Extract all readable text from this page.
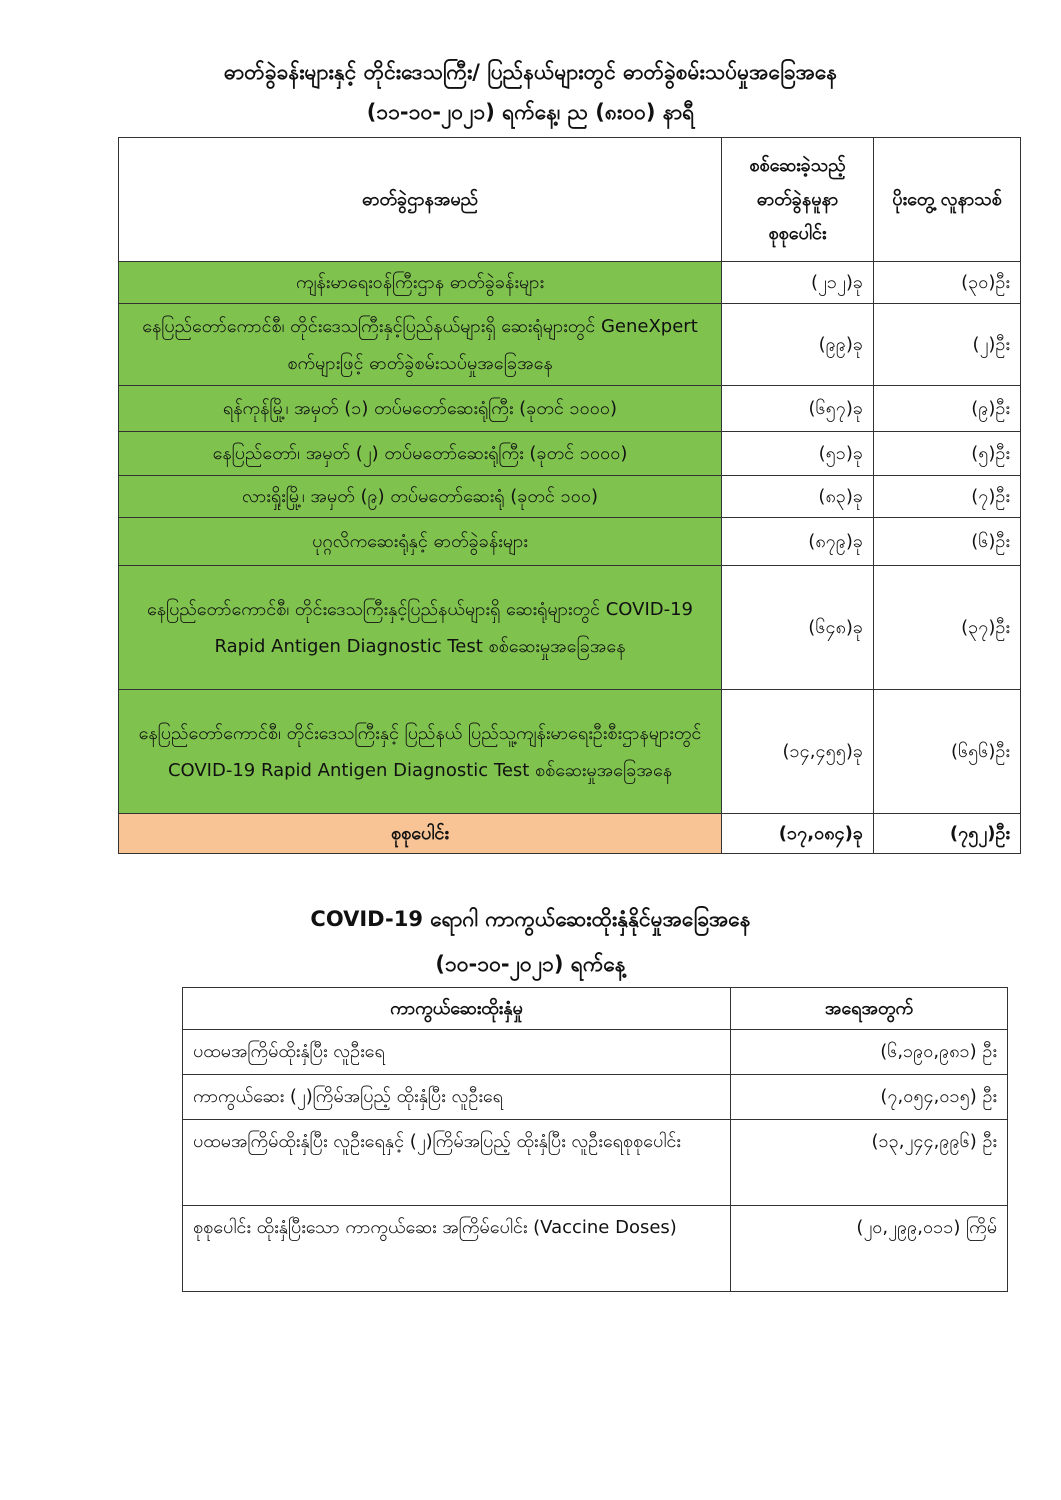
ဓာတ်ခွဲခန်းများနှင့် တိုင်းဒေသကြီး/ ပြည်နယ်များတွင် ဓာတ်ခွဲစမ်းသပ်မှုအခြေအနေ
(၁၁-၁၀-၂၀၂၁) ရက်နေ့၊ ည (၈း၀၀) နာရီ
ဓာတ်ခွဲဌာနအမည်	စစ်ဆေးခဲ့သည့် ဓာတ်ခွဲနမူနာ စုစုပေါင်း	ပိုးတွေ့ လူနာသစ်
ကျန်းမာရေးဝန်ကြီးဌာန ဓာတ်ခွဲခန်းများ	(၂၁၂)ခု	(၃၀)ဦး
နေပြည်တော်ကောင်စီ၊ တိုင်းဒေသကြီးနှင့်ပြည်နယ်များရှိ ဆေးရုံများတွင် GeneXpert စက်များဖြင့် ဓာတ်ခွဲစမ်းသပ်မှုအခြေအနေ	(၉၉)ခု	(၂)ဦး
ရန်ကုန်မြို့၊ အမှတ် (၁) တပ်မတော်ဆေးရုံကြီး (ခုတင် ၁၀၀၀)	(၆၅၇)ခု	(၉)ဦး
နေပြည်တော်၊ အမှတ် (၂) တပ်မတော်ဆေးရုံကြီး (ခုတင် ၁၀၀၀)	(၅၁)ခု	(၅)ဦး
လားရှိုးမြို့၊ အမှတ် (၉) တပ်မတော်ဆေးရုံ (ခုတင် ၁၀၀)	(၈၃)ခု	(၇)ဦး
ပုဂ္ဂလိကဆေးရုံနှင့် ဓာတ်ခွဲခန်းများ	(၈၇၉)ခု	(၆)ဦး
နေပြည်တော်ကောင်စီ၊ တိုင်းဒေသကြီးနှင့်ပြည်နယ်များရှိ ဆေးရုံများတွင် COVID-19 Rapid Antigen Diagnostic Test စစ်ဆေးမှုအခြေအနေ	(၆၄၈)ခု	(၃၇)ဦး
နေပြည်တော်ကောင်စီ၊ တိုင်းဒေသကြီးနှင့် ပြည်နယ် ပြည်သူ့ကျန်းမာရေးဦးစီးဌာနများတွင် COVID-19 Rapid Antigen Diagnostic Test စစ်ဆေးမှုအခြေအနေ	(၁၄,၄၅၅)ခု	(၆၅၆)ဦး
စုစုပေါင်း	(၁၇,၀၈၄)ခု	(၇၅၂)ဦး
COVID-19 ရောဂါ ကာကွယ်ဆေးထိုးနှံနိုင်မှုအခြေအနေ
(၁၀-၁၀-၂၀၂၁) ရက်နေ့
ကာကွယ်ဆေးထိုးနှံမှု	အရေအတွက်
ပထမအကြိမ်ထိုးနှံပြီး လူဦးရေ	(၆,၁၉၀,၉၈၁) ဦး
ကာကွယ်ဆေး (၂)ကြိမ်အပြည့် ထိုးနှံပြီး လူဦးရေ	(၇,၀၅၄,၀၁၅) ဦး
ပထမအကြိမ်ထိုးနှံပြီး လူဦးရေနှင့် (၂)ကြိမ်အပြည့် ထိုးနှံပြီး လူဦးရေစုစုပေါင်း	(၁၃,၂၄၄,၉၉၆) ဦး
စုစုပေါင်း ထိုးနှံပြီးသော ကာကွယ်ဆေး အကြိမ်ပေါင်း (Vaccine Doses)	(၂၀,၂၉၉,၀၁၁) ကြိမ်
